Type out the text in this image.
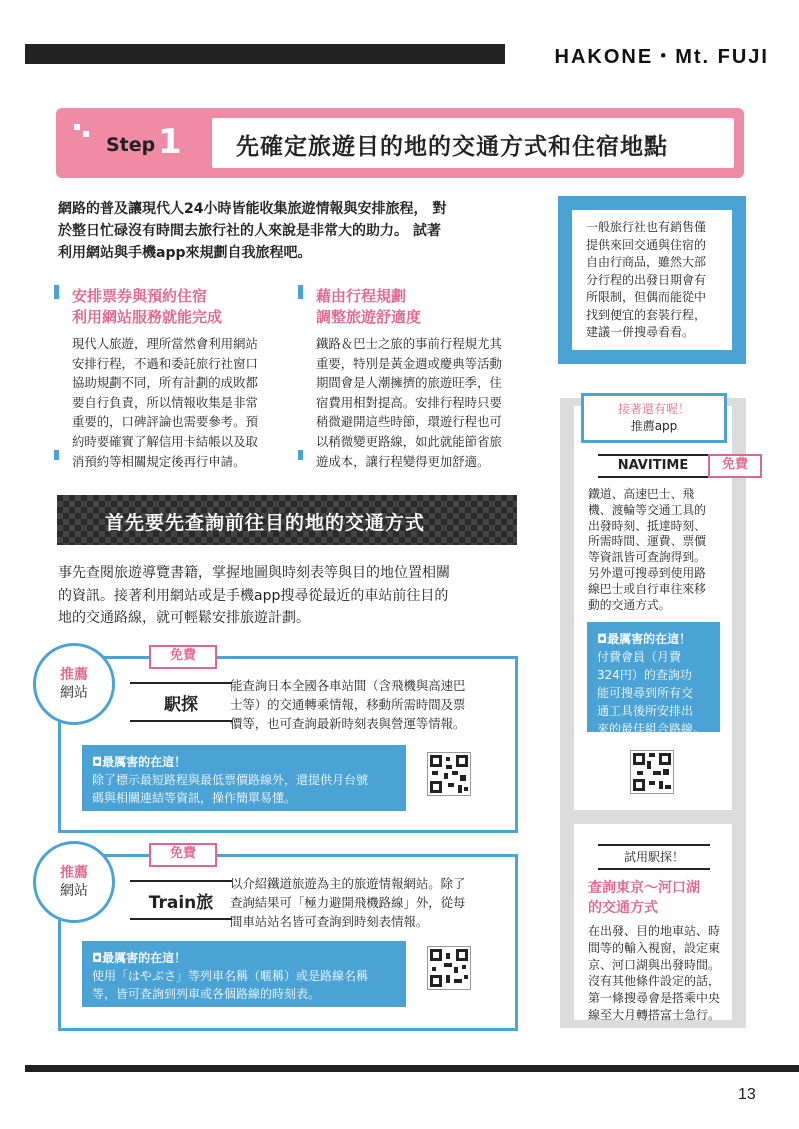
HAKONE・Mt. FUJI
Step 1 先確定旅遊目的地的交通方式和住宿地點
網路的普及讓現代人24小時皆能收集旅遊情報與安排旅程， 對
於整日忙碌沒有時間去旅行社的人來說是非常大的助力。 試著
利用網站與手機app來規劃自我旅程吧。
安排票券與預約住宿
利用網站服務就能完成
現代人旅遊，理所當然會利用網站
安排行程，不過和委託旅行社窗口
協助規劃不同，所有計劃的成敗都
要自行負責，所以情報收集是非常
重要的，口碑評論也需要參考。預
約時要確實了解信用卡結帳以及取
消預約等相關規定後再行申請。
藉由行程規劃
調整旅遊舒適度
鐵路＆巴士之旅的事前行程規尤其
重要，特別是黃金週或慶典等活動
期間會是人潮擁擠的旅遊旺季，住
宿費用相對提高。安排行程時只要
稍微避開這些時節，環遊行程也可
以稍微變更路線，如此就能節省旅
遊成本，讓行程變得更加舒適。
一般旅行社也有銷售僅
提供來回交通與住宿的
自由行商品，雖然大部
分行程的出發日期會有
所限制，但偶而能從中
找到便宜的套裝行程，
建議一併搜尋看看。
首先要先查詢前往目的地的交通方式
事先查閱旅遊導覽書籍，掌握地圖與時刻表等與目的地位置相關
的資訊。接著利用網站或是手機app搜尋從最近的車站前往目的
地的交通路線，就可輕鬆安排旅遊計劃。
推薦
網站
免費
駅探
能查詢日本全國各車站間（含飛機與高速巴
士等）的交通轉乘情報，移動所需時間及票
價等，也可查詢最新時刻表與營運等情報。
◘最厲害的在這！
除了標示最短路程與最低票價路線外，還提供月台號
碼與相關連結等資訊，操作簡單易懂。
推薦
網站
免費
Train旅
以介紹鐵道旅遊為主的旅遊情報網站。除了
查詢結果可「極力避開飛機路線」外，從每
間車站站名皆可查詢到時刻表情報。
◘最厲害的在這！
使用「はやぶさ」等列車名稱（暱稱）或是路線名稱
等，皆可查詢到列車或各個路線的時刻表。
接著還有喔！
推薦app
NAVITIME	免費
鐵道、高速巴士、飛
機、渡輪等交通工具的
出發時刻、抵達時刻、
所需時間、運費、票價
等資訊皆可查詢得到。
另外還可搜尋到使用路
線巴士或自行車往來移
動的交通方式。
◘最厲害的在這！
付費會員（月費
324円）的查詢功
能可搜尋到所有交
通工具後所安排出
來的最佳組合路線。
試用駅探！
查詢東京～河口湖
的交通方式
在出發、目的地車站、時
間等的輸入視窗，設定東
京、河口湖與出發時間。
沒有其他條件設定的話，
第一條搜尋會是搭乘中央
線至大月轉搭富士急行。
13
